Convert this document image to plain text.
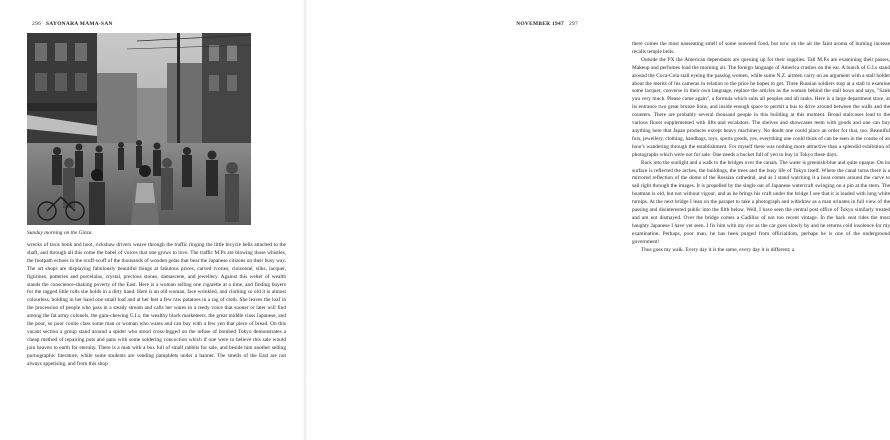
296 SAYONARA MAMA-SAN
Sunday morning on the Ginza.

wrecks of taxis honk and hoot, rickshaw drivers weave through the traffic ringing the little bicycle bells attached to the shaft, and through all this come the babel of voices that one grows to love. The traffic M.Ps are blowing those whistles, the footpath echoes to the scuff-scuff of the thousands of wooden getas that bear the Japanese citizens on their busy way. The art shops are displaying fabulously beautiful things at fabulous prices, carved ivories, cloisonné, silks, lacquer, figurines, potteries and porcelains, crystal, precious stones, damascene, and jewellery. Against this welter of wealth stands the conscience-shaking poverty of the East. Here is a woman selling one cigarette at a time, and finding buyers for the ragged little rolls she holds in a dirty hand. Here is an old woman, face wrinkled, and clothing so old it is almost colourless, holding in her hand one small loaf and at her feet a few raw potatoes in a rag of cloth. She leaves the loaf in the procession of people who pass in a steady stream and calls her wares in a reedy voice that sooner or later will find among the fat army colonels, the gum-chewing G.I.s, the wealthy black marketeers, the great middle class Japanese, and the poor, so poor coolie class some man or woman who wants and can buy with a few yen that piece of bread. On this vacant section a group stand around a spider who stood cross-legged on the refuse of bombed Tokyo demonstrates a cheap method of repairing pots and pans with some soldering concoction which if one were to believe this sale would join heaven to earth for eternity. There is a man with a box full of small rabbits for sale, and beside him another selling pornographic literature, while some students are vending pamphlets under a banner. The smells of the East are not always appetising, and from this shop

NOVEMBER 1947 297

there comes the most nauseating smell of some seaweed food, but now on the air the faint aroma of burning incense recalls temple bells.

Outside the PX the American dependants are queuing up for their supplies. Tall M.P.s are examining their passes, Makeup and perfumes load the morning air. The foreign language of America crashes on the ear. A bunch of G.I.s stand around the Coca-Cola stall eyeing the passing women, while some N.Z. airmen carry on an argument with a stall holder about the merits of his cameras in relation to the price he hopes to get. Three Russian soldiers stop at a stall to examine some lacquer, converse in their own language, replace the articles as the woman behind the stall bows and says, "Sank you very much. Please come again", a formula which suits all peoples and all ranks. Here is a large department store, at its entrance two great bronze lions, and inside enough space to permit a bus to drive around between the walls and the counters. There are probably several thousand people in this building at this moment. Broad staircases lead to the various floors supplemented with lifts and escalators. The shelves and showcases teem with goods and one can buy anything here that Japan produces except heavy machinery. No doubt one could place an order for that, too. Beautiful furs, jewellery, clothing, handbags, toys, sports goods, yes, everything one could think of can be seen in the course of an hour's wandering through the establishment. For myself there was nothing more attractive than a splendid exhibition of photographs which were not for sale. One needs a bucket full of yen to buy in Tokyo these days.

Back into the sunlight and a walk to the bridges over the canals. The water is greenish-blue and quite opaque. On its surface is reflected the arches, the buildings, the trees and the busy life of Tokyo itself. Where the canal turns there is a mirrored reflection of the dome of the Russian cathedral, and as I stand watching it a boat comes around the curve to sail right through the images. It is propelled by the single oar of Japanese watercraft swinging on a pin at the stern. The boatman is old, but not without vigour, and as he brings his craft under the bridge I see that it is loaded with long white turnips. At the next bridge I lean on the parapet to take a photograph and withdraw as a man urinates in full view of the passing and disinterested public into the filth below. Well, I have seen the central post office of Tokyo similarly treated and am not dismayed. Over the bridge comes a Cadillac of not too recent vintage. In the back seat rides the most haughty Japanese I have yet seen. I fix him with my eye as the car goes slowly by and he returns cold insolence for my examination. Perhaps, poor man, he has been purged from officialdom, perhaps he is one of the underground government!

Thus goes my walk. Every day it is the same, every day it is different; a
